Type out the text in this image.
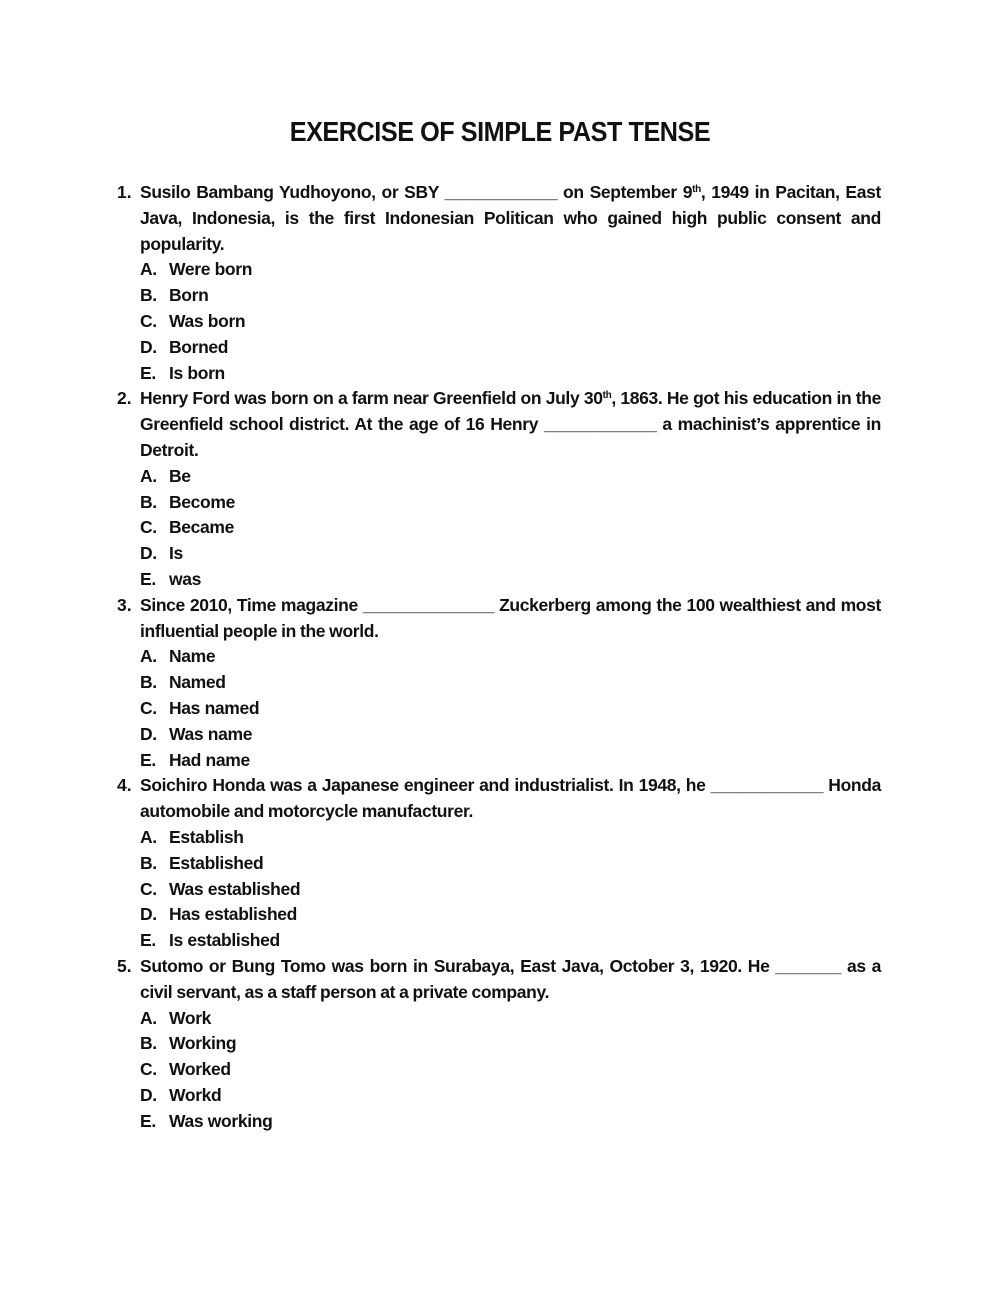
EXERCISE OF SIMPLE PAST TENSE
1. Susilo Bambang Yudhoyono, or SBY ____________ on September 9th, 1949 in Pacitan, East Java, Indonesia, is the first Indonesian Politican who gained high public consent and popularity.
A. Were born
B. Born
C. Was born
D. Borned
E. Is born
2. Henry Ford was born on a farm near Greenfield on July 30th, 1863. He got his education in the Greenfield school district. At the age of 16 Henry ____________ a machinist’s apprentice in Detroit.
A. Be
B. Become
C. Became
D. Is
E. was
3. Since 2010, Time magazine ______________ Zuckerberg among the 100 wealthiest and most influential people in the world.
A. Name
B. Named
C. Has named
D. Was name
E. Had name
4. Soichiro Honda was a Japanese engineer and industrialist. In 1948, he ____________ Honda automobile and motorcycle manufacturer.
A. Establish
B. Established
C. Was established
D. Has established
E. Is established
5. Sutomo or Bung Tomo was born in Surabaya, East Java, October 3, 1920. He _______ as a civil servant, as a staff person at a private company.
A. Work
B. Working
C. Worked
D. Workd
E. Was working
